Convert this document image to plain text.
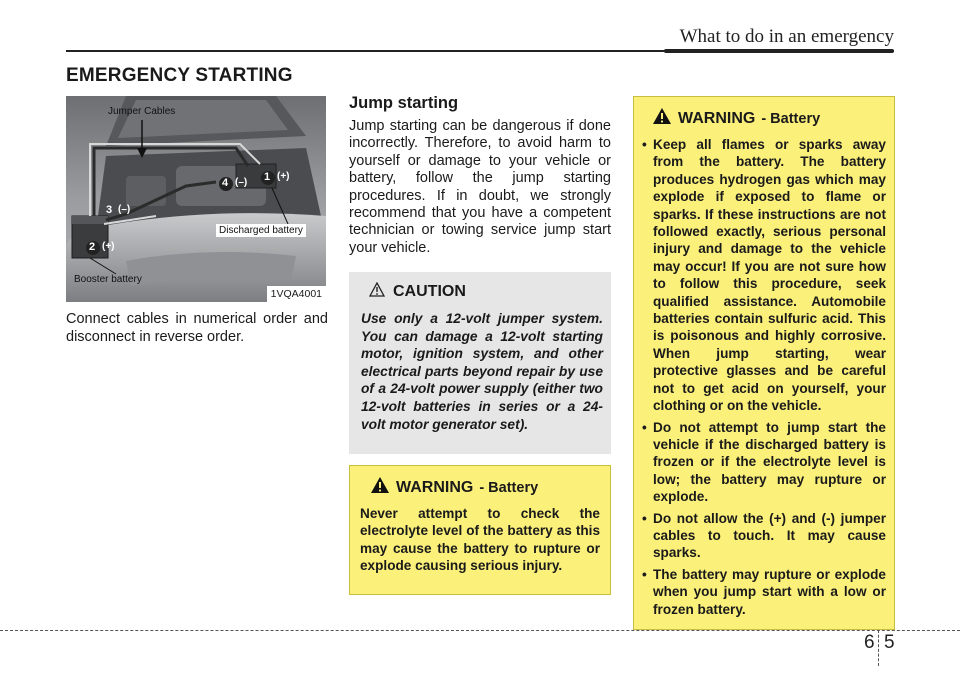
What to do in an emergency
EMERGENCY STARTING
1 (+)
4 (–)
3 (–)
2 (+)
Jumper Cables
Discharged battery
Booster battery
1VQA4001
Connect cables in numerical order and disconnect in reverse order.
Jump starting
Jump starting can be dangerous if done incorrectly. Therefore, to avoid harm to yourself or damage to your vehicle or battery, follow the jump starting procedures. If in doubt, we strongly recommend that you have a competent technician or towing service jump start your vehicle.
CAUTION
Use only a 12-volt jumper system. You can damage a 12-volt starting motor, ignition system, and other electrical parts beyond repair by use of a 24-volt power supply (either two 12-volt batteries in series or a 24-volt motor generator set).
WARNING - Battery
Never attempt to check the electrolyte level of the battery as this may cause the battery to rupture or explode causing serious injury.
WARNING - Battery
• Keep all flames or sparks away from the battery. The battery produces hydrogen gas which may explode if exposed to flame or sparks. If these instructions are not followed exactly, serious personal injury and damage to the vehicle may occur! If you are not sure how to follow this procedure, seek qualified assistance. Automobile batteries contain sulfuric acid. This is poisonous and highly corrosive. When jump starting, wear protective glasses and be careful not to get acid on yourself, your clothing or on the vehicle.
• Do not attempt to jump start the vehicle if the discharged battery is frozen or if the electrolyte level is low; the battery may rupture or explode.
• Do not allow the (+) and (-) jumper cables to touch. It may cause sparks.
• The battery may rupture or explode when you jump start with a low or frozen battery.
6 5
